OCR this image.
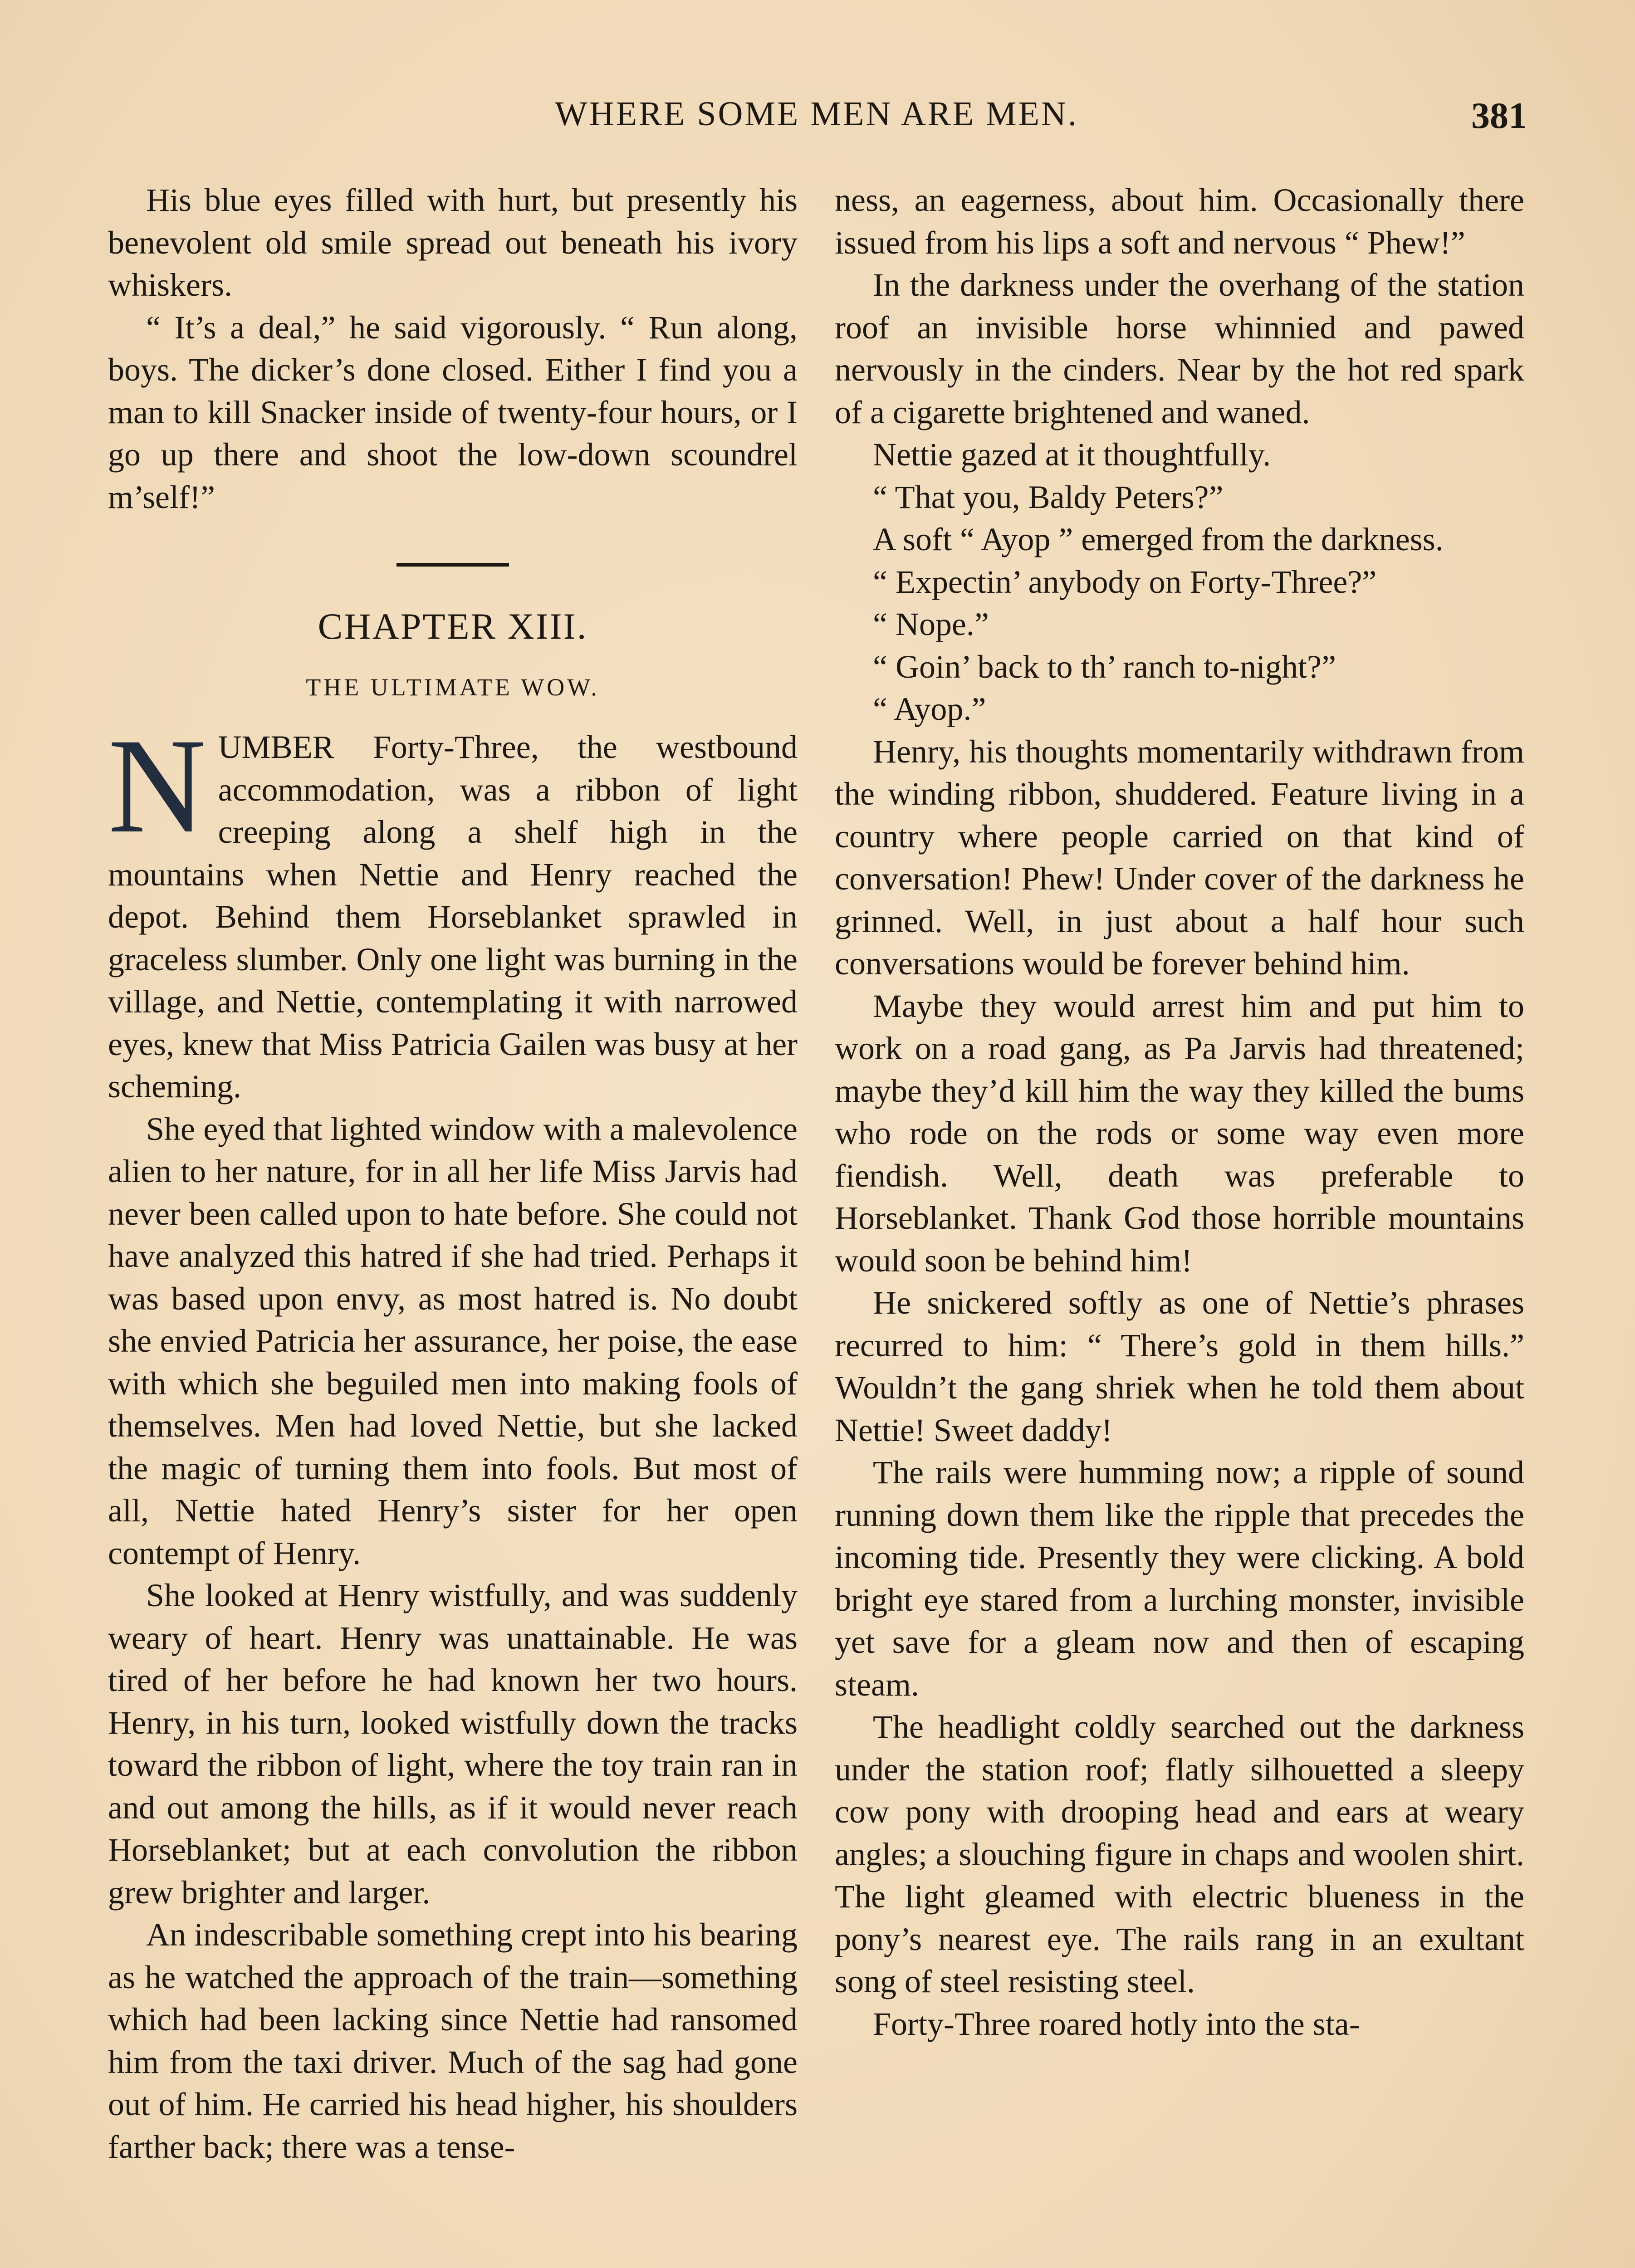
WHERE SOME MEN ARE MEN.	381

His blue eyes filled with hurt, but presently his benevolent old smile spread out beneath his ivory whiskers.

“ It’s a deal,” he said vigorously. “ Run along, boys. The dicker’s done closed. Either I find you a man to kill Snacker inside of twenty-four hours, or I go up there and shoot the low-down scoundrel m’self!”

CHAPTER XIII.
THE ULTIMATE WOW.

NUMBER Forty-Three, the westbound accommodation, was a ribbon of light creeping along a shelf high in the mountains when Nettie and Henry reached the depot. Behind them Horseblanket sprawled in graceless slumber. Only one light was burning in the village, and Nettie, contemplating it with narrowed eyes, knew that Miss Patricia Gailen was busy at her scheming.

She eyed that lighted window with a malevolence alien to her nature, for in all her life Miss Jarvis had never been called upon to hate before. She could not have analyzed this hatred if she had tried. Perhaps it was based upon envy, as most hatred is. No doubt she envied Patricia her assurance, her poise, the ease with which she beguiled men into making fools of themselves. Men had loved Nettie, but she lacked the magic of turning them into fools. But most of all, Nettie hated Henry’s sister for her open contempt of Henry.

She looked at Henry wistfully, and was suddenly weary of heart. Henry was unattainable. He was tired of her before he had known her two hours. Henry, in his turn, looked wistfully down the tracks toward the ribbon of light, where the toy train ran in and out among the hills, as if it would never reach Horseblanket; but at each convolution the ribbon grew brighter and larger.

An indescribable something crept into his bearing as he watched the approach of the train—something which had been lacking since Nettie had ransomed him from the taxi driver. Much of the sag had gone out of him. He carried his head higher, his shoulders farther back; there was a tense-

ness, an eagerness, about him. Occasionally there issued from his lips a soft and nervous “ Phew!”

In the darkness under the overhang of the station roof an invisible horse whinnied and pawed nervously in the cinders. Near by the hot red spark of a cigarette brightened and waned.

Nettie gazed at it thoughtfully.

“ That you, Baldy Peters?”

A soft “ Ayop ” emerged from the darkness.

“ Expectin’ anybody on Forty-Three?”

“ Nope.”

“ Goin’ back to th’ ranch to-night?”

“ Ayop.”

Henry, his thoughts momentarily withdrawn from the winding ribbon, shuddered. Feature living in a country where people carried on that kind of conversation! Phew! Under cover of the darkness he grinned. Well, in just about a half hour such conversations would be forever behind him.

Maybe they would arrest him and put him to work on a road gang, as Pa Jarvis had threatened; maybe they’d kill him the way they killed the bums who rode on the rods or some way even more fiendish. Well, death was preferable to Horseblanket. Thank God those horrible mountains would soon be behind him!

He snickered softly as one of Nettie’s phrases recurred to him: “ There’s gold in them hills.” Wouldn’t the gang shriek when he told them about Nettie! Sweet daddy!

The rails were humming now; a ripple of sound running down them like the ripple that precedes the incoming tide. Presently they were clicking. A bold bright eye stared from a lurching monster, invisible yet save for a gleam now and then of escaping steam.

The headlight coldly searched out the darkness under the station roof; flatly silhouetted a sleepy cow pony with drooping head and ears at weary angles; a slouching figure in chaps and woolen shirt. The light gleamed with electric blueness in the pony’s nearest eye. The rails rang in an exultant song of steel resisting steel.

Forty-Three roared hotly into the sta-
